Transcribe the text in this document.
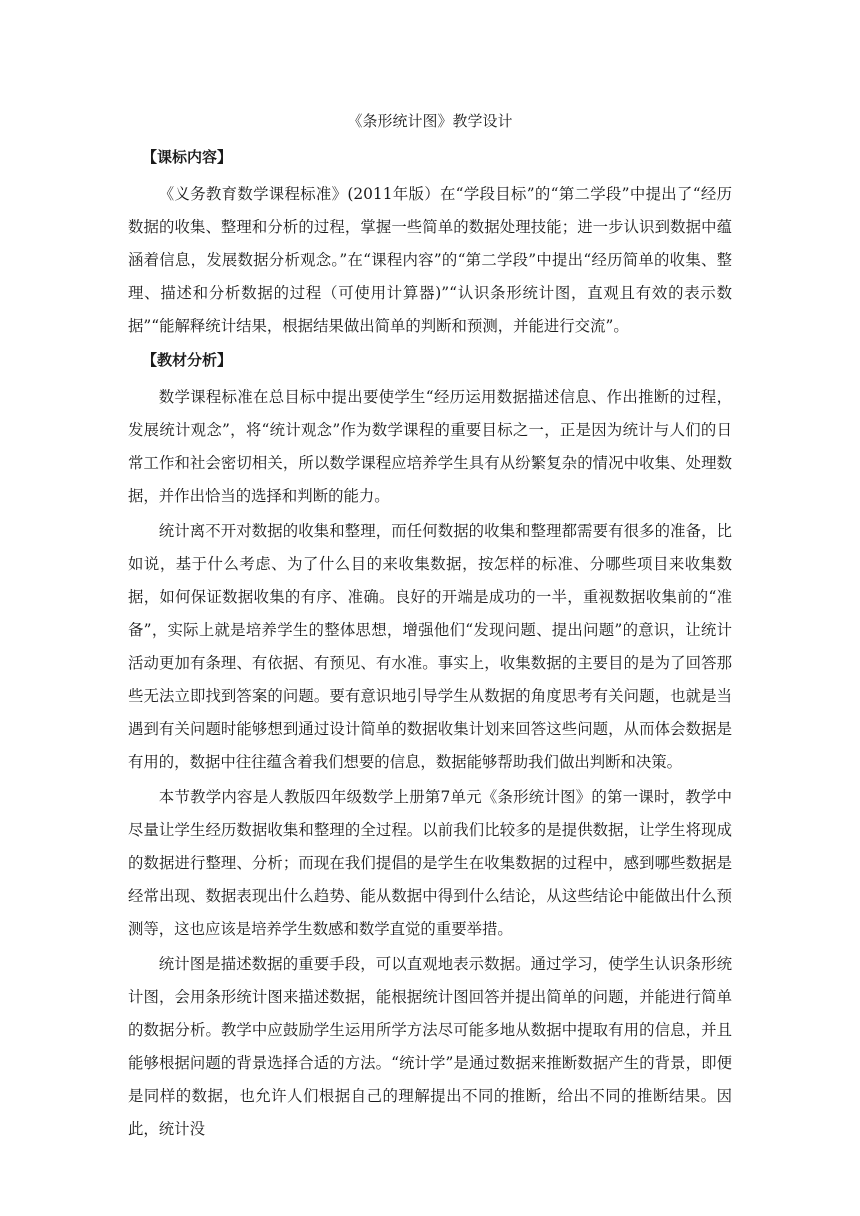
《条形统计图》教学设计
【课标内容】

《义务教育数学课程标准》(2011年版）在“学段目标”的“第二学段”中提出了“经历数据的收集、整理和分析的过程，掌握一些简单的数据处理技能；进一步认识到数据中蕴涵着信息，发展数据分析观念。”在“课程内容”的“第二学段”中提出“经历简单的收集、整理、描述和分析数据的过程（可使用计算器)”“认识条形统计图，直观且有效的表示数据”“能解释统计结果，根据结果做出简单的判断和预测，并能进行交流”。

【教材分析】

数学课程标准在总目标中提出要使学生“经历运用数据描述信息、作出推断的过程，发展统计观念”，将“统计观念”作为数学课程的重要目标之一，正是因为统计与人们的日常工作和社会密切相关，所以数学课程应培养学生具有从纷繁复杂的情况中收集、处理数据，并作出恰当的选择和判断的能力。

统计离不开对数据的收集和整理，而任何数据的收集和整理都需要有很多的准备，比如说，基于什么考虑、为了什么目的来收集数据，按怎样的标准、分哪些项目来收集数据，如何保证数据收集的有序、准确。良好的开端是成功的一半，重视数据收集前的“准备”，实际上就是培养学生的整体思想，增强他们“发现问题、提出问题”的意识，让统计活动更加有条理、有依据、有预见、有水准。事实上，收集数据的主要目的是为了回答那些无法立即找到答案的问题。要有意识地引导学生从数据的角度思考有关问题，也就是当遇到有关问题时能够想到通过设计简单的数据收集计划来回答这些问题，从而体会数据是有用的，数据中往往蕴含着我们想要的信息，数据能够帮助我们做出判断和决策。

本节教学内容是人教版四年级数学上册第7单元《条形统计图》的第一课时，教学中尽量让学生经历数据收集和整理的全过程。以前我们比较多的是提供数据，让学生将现成的数据进行整理、分析；而现在我们提倡的是学生在收集数据的过程中，感到哪些数据是经常出现、数据表现出什么趋势、能从数据中得到什么结论，从这些结论中能做出什么预测等，这也应该是培养学生数感和数学直觉的重要举措。

统计图是描述数据的重要手段，可以直观地表示数据。通过学习，使学生认识条形统计图，会用条形统计图来描述数据，能根据统计图回答并提出简单的问题，并能进行简单的数据分析。教学中应鼓励学生运用所学方法尽可能多地从数据中提取有用的信息，并且能够根据问题的背景选择合适的方法。“统计学”是通过数据来推断数据产生的背景，即便是同样的数据，也允许人们根据自己的理解提出不同的推断，给出不同的推断结果。因此，统计没
